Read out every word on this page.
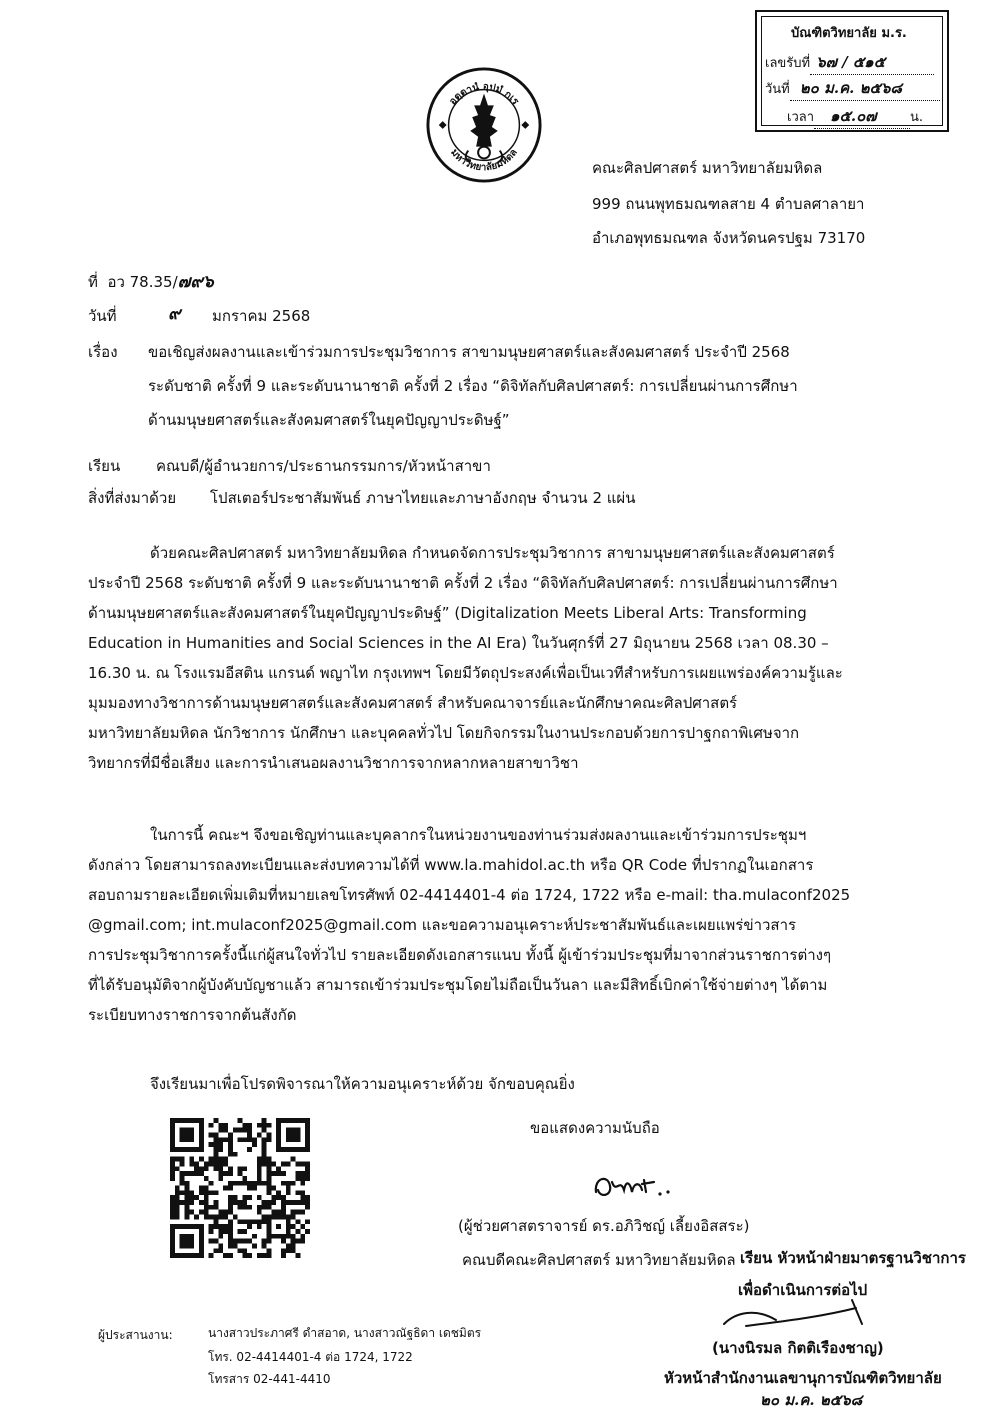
บัณฑิตวิทยาลัย ม.ร.
เลขรับที่ ๖๗ / ๕๑๕
วันที่ ๒๐ ม.ค. ๒๕๖๘
เวลา ๑๕.๐๗	น.
อตฺตานํ อุปมํ กเร
มหาวิทยาลัยมหิดล
คณะศิลปศาสตร์ มหาวิทยาลัยมหิดล
999 ถนนพุทธมณฑลสาย 4 ตำบลศาลายา
อำเภอพุทธมณฑล จังหวัดนครปฐม 73170
ที่ อว 78.35/๗๙๖
วันที่	๙ มกราคม 2568
เรื่อง ขอเชิญส่งผลงานและเข้าร่วมการประชุมวิชาการ สาขามนุษยศาสตร์และสังคมศาสตร์ ประจำปี 2568
ระดับชาติ ครั้งที่ 9 และระดับนานาชาติ ครั้งที่ 2 เรื่อง “ดิจิทัลกับศิลปศาสตร์: การเปลี่ยนผ่านการศึกษา
ด้านมนุษยศาสตร์และสังคมศาสตร์ในยุคปัญญาประดิษฐ์”
เรียน คณบดี/ผู้อำนวยการ/ประธานกรรมการ/หัวหน้าสาขา
สิ่งที่ส่งมาด้วย โปสเตอร์ประชาสัมพันธ์ ภาษาไทยและภาษาอังกฤษ จำนวน 2 แผ่น
ด้วยคณะศิลปศาสตร์ มหาวิทยาลัยมหิดล กำหนดจัดการประชุมวิชาการ สาขามนุษยศาสตร์และสังคมศาสตร์
ประจำปี 2568 ระดับชาติ ครั้งที่ 9 และระดับนานาชาติ ครั้งที่ 2 เรื่อง “ดิจิทัลกับศิลปศาสตร์: การเปลี่ยนผ่านการศึกษา
ด้านมนุษยศาสตร์และสังคมศาสตร์ในยุคปัญญาประดิษฐ์” (Digitalization Meets Liberal Arts: Transforming
Education in Humanities and Social Sciences in the AI Era) ในวันศุกร์ที่ 27 มิถุนายน 2568 เวลา 08.30 –
16.30 น. ณ โรงแรมอีสติน แกรนด์ พญาไท กรุงเทพฯ โดยมีวัตถุประสงค์เพื่อเป็นเวทีสำหรับการเผยแพร่องค์ความรู้และ
มุมมองทางวิชาการด้านมนุษยศาสตร์และสังคมศาสตร์ สำหรับคณาจารย์และนักศึกษาคณะศิลปศาสตร์
มหาวิทยาลัยมหิดล นักวิชาการ นักศึกษา และบุคคลทั่วไป โดยกิจกรรมในงานประกอบด้วยการปาฐกถาพิเศษจาก
วิทยากรที่มีชื่อเสียง และการนำเสนอผลงานวิชาการจากหลากหลายสาขาวิชา
ในการนี้ คณะฯ จึงขอเชิญท่านและบุคลากรในหน่วยงานของท่านร่วมส่งผลงานและเข้าร่วมการประชุมฯ
ดังกล่าว โดยสามารถลงทะเบียนและส่งบทความได้ที่ www.la.mahidol.ac.th หรือ QR Code ที่ปรากฏในเอกสาร
สอบถามรายละเอียดเพิ่มเติมที่หมายเลขโทรศัพท์ 02-4414401-4 ต่อ 1724, 1722 หรือ e-mail: tha.mulaconf2025
@gmail.com; int.mulaconf2025@gmail.com และขอความอนุเคราะห์ประชาสัมพันธ์และเผยแพร่ข่าวสาร
การประชุมวิชาการครั้งนี้แก่ผู้สนใจทั่วไป รายละเอียดดังเอกสารแนบ ทั้งนี้ ผู้เข้าร่วมประชุมที่มาจากส่วนราชการต่างๆ
ที่ได้รับอนุมัติจากผู้บังคับบัญชาแล้ว สามารถเข้าร่วมประชุมโดยไม่ถือเป็นวันลา และมีสิทธิ์เบิกค่าใช้จ่ายต่างๆ ได้ตาม
ระเบียบทางราชการจากต้นสังกัด
จึงเรียนมาเพื่อโปรดพิจารณาให้ความอนุเคราะห์ด้วย จักขอบคุณยิ่ง
ขอแสดงความนับถือ
(ผู้ช่วยศาสตราจารย์ ดร.อภิวิชญ์ เลี้ยงอิสสระ)
คณบดีคณะศิลปศาสตร์ มหาวิทยาลัยมหิดล เรียน หัวหน้าฝ่ายมาตรฐานวิชาการ
เพื่อดำเนินการต่อไป
(นางนิรมล กิตติเรืองชาญ)
หัวหน้าสำนักงานเลขานุการบัณฑิตวิทยาลัย
๒๐ ม.ค. ๒๕๖๘
ผู้ประสานงาน:	นางสาวประภาศรี ดำสอาด, นางสาวณัฐธิดา เดชมิตร
โทร. 02-4414401-4 ต่อ 1724, 1722
โทรสาร 02-441-4410
